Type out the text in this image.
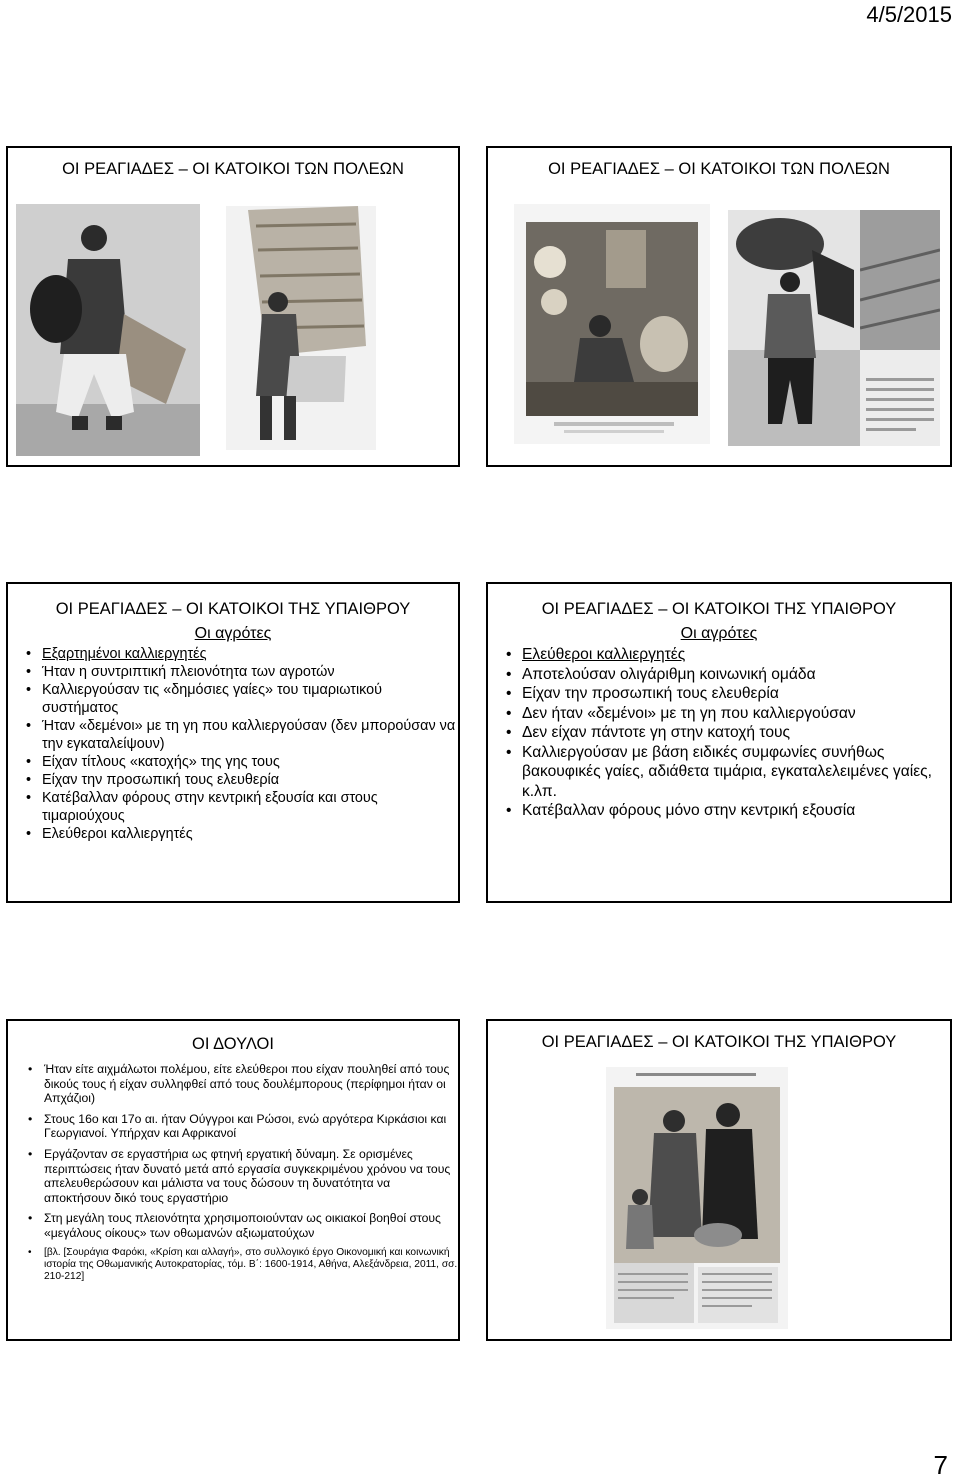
4/5/2015
ΟΙ ΡΕΑΓΙΑΔΕΣ – ΟΙ ΚΑΤΟΙΚΟΙ ΤΩΝ ΠΟΛΕΩΝ	ΟΙ ΡΕΑΓΙΑΔΕΣ – ΟΙ ΚΑΤΟΙΚΟΙ ΤΩΝ ΠΟΛΕΩΝ
ΟΙ ΡΕΑΓΙΑΔΕΣ – ΟΙ ΚΑΤΟΙΚΟΙ ΤΗΣ ΥΠΑΙΘΡΟΥ
Οι αγρότες
• Εξαρτημένοι καλλιεργητές
• Ήταν η συντριπτική πλειονότητα των αγροτών
• Καλλιεργούσαν τις «δημόσιες γαίες» του τιμαριωτικού συστήματος
• Ήταν «δεμένοι» με τη γη που καλλιεργούσαν (δεν μπορούσαν να την εγκαταλείψουν)
• Είχαν τίτλους «κατοχής» της γης τους
• Είχαν την προσωπική τους ελευθερία
• Κατέβαλλαν φόρους στην κεντρική εξουσία και στους τιμαριούχους
• Ελεύθεροι καλλιεργητές
ΟΙ ΡΕΑΓΙΑΔΕΣ – ΟΙ ΚΑΤΟΙΚΟΙ ΤΗΣ ΥΠΑΙΘΡΟΥ
Οι αγρότες
• Ελεύθεροι καλλιεργητές
• Αποτελούσαν ολιγάριθμη κοινωνική ομάδα
• Είχαν την προσωπική τους ελευθερία
• Δεν ήταν «δεμένοι» με τη γη που καλλιεργούσαν
• Δεν είχαν πάντοτε γη στην κατοχή τους
• Καλλιεργούσαν με βάση ειδικές συμφωνίες συνήθως βακουφικές γαίες, αδιάθετα τιμάρια, εγκαταλελειμένες γαίες, κ.λπ.
• Κατέβαλλαν φόρους μόνο στην κεντρική εξουσία
ΟΙ ΔΟΥΛΟΙ
• Ήταν είτε αιχμάλωτοι πολέμου, είτε ελεύθεροι που είχαν πουληθεί από τους δικούς τους ή είχαν συλληφθεί από τους δουλέμπορους (περίφημοι ήταν οι Απχάζιοι)
• Στους 16ο και 17ο αι. ήταν Ούγγροι και Ρώσοι, ενώ αργότερα Κιρκάσιοι και Γεωργιανοί. Υπήρχαν και Αφρικανοί
• Εργάζονταν σε εργαστήρια ως φτηνή εργατική δύναμη. Σε ορισμένες περιπτώσεις ήταν δυνατό μετά από εργασία συγκεκριμένου χρόνου να τους απελευθερώσουν και μάλιστα να τους δώσουν τη δυνατότητα να αποκτήσουν δικό τους εργαστήριο
• Στη μεγάλη τους πλειονότητα χρησιμοποιούνταν ως οικιακοί βοηθοί στους «μεγάλους οίκους» των οθωμανών αξιωματούχων
• [βλ. [Σουράγια Φαρόκι, «Κρίση και αλλαγή», στο συλλογικό έργο Οικονομική και κοινωνική ιστορία της Οθωμανικής Αυτοκρατορίας, τόμ. Β΄: 1600-1914, Αθήνα, Αλεξάνδρεια, 2011, σσ. 210-212]
ΟΙ ΡΕΑΓΙΑΔΕΣ – ΟΙ ΚΑΤΟΙΚΟΙ ΤΗΣ ΥΠΑΙΘΡΟΥ
7
